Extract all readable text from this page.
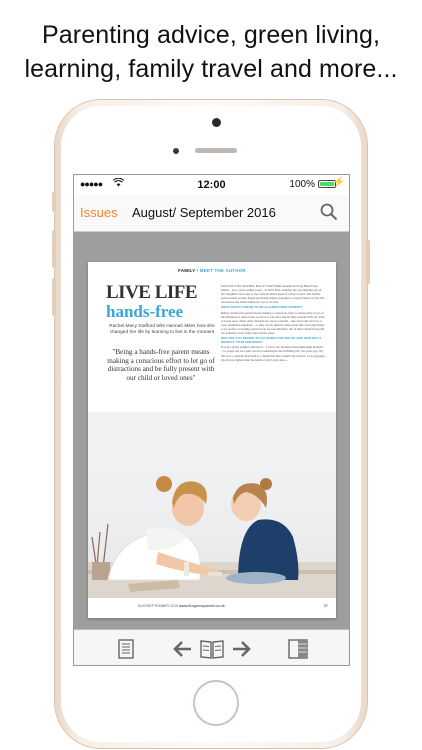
Parenting advice, green living,
learning, family travel and more...
●●●●●	12:00	100% ⚡
Issues August/ September 2016
FAMILY / MEET THE AUTHOR
LIVE LIFE
hands-free
Rachel Macy Stafford tells Hannah Miles how she changed her life by learning to live in the moment
"Being a hands-free parent means making a conscious effort to let go of distractions and be fully present with our child or loved ones"

MUM-OF-TWO RACHEL MACY STAFFORD founded her blog Hands Free Mama – now a best-selling book – in 2010 after realising she was missing out on her daughters' lives due to the constant distractions of today's world. The former special needs teacher began practising simple strategies to regain balance in her life and ensure she made memories, not to-do lists.

WHAT DOES IT MEAN TO BE A HANDS-FREE PARENT?

Being a hands-free parent means making a conscious effort to temporarily let go of the hundreds of distractions we have in our lives and be fully present with our child or loved ones. These daily distractions can be external – like electronic devices or overcommitted schedules – or they can be internal distractions like worrying things to be perfect or beating ourselves up for past mistakes. All of these distractions pull our attention away from what matters most.

WHY DID YOU DECIDE TO GO DOWN THIS ROUTE AND HOW DID IT BENEFIT YOUR CHILDREN?

It took a pretty painful realisation – 'I will it my breakdown-breakthrough moment' – to propel me on a path toward a meaningful and fulfilling life. Six years ago, my life was a constant mad dash to a finish line that couldn't be reached. I was gripping my devices tighter than the hands of my loved ones. »

AUG/SEPTEMBER 2016 www.thegreenparent.co.uk	37
